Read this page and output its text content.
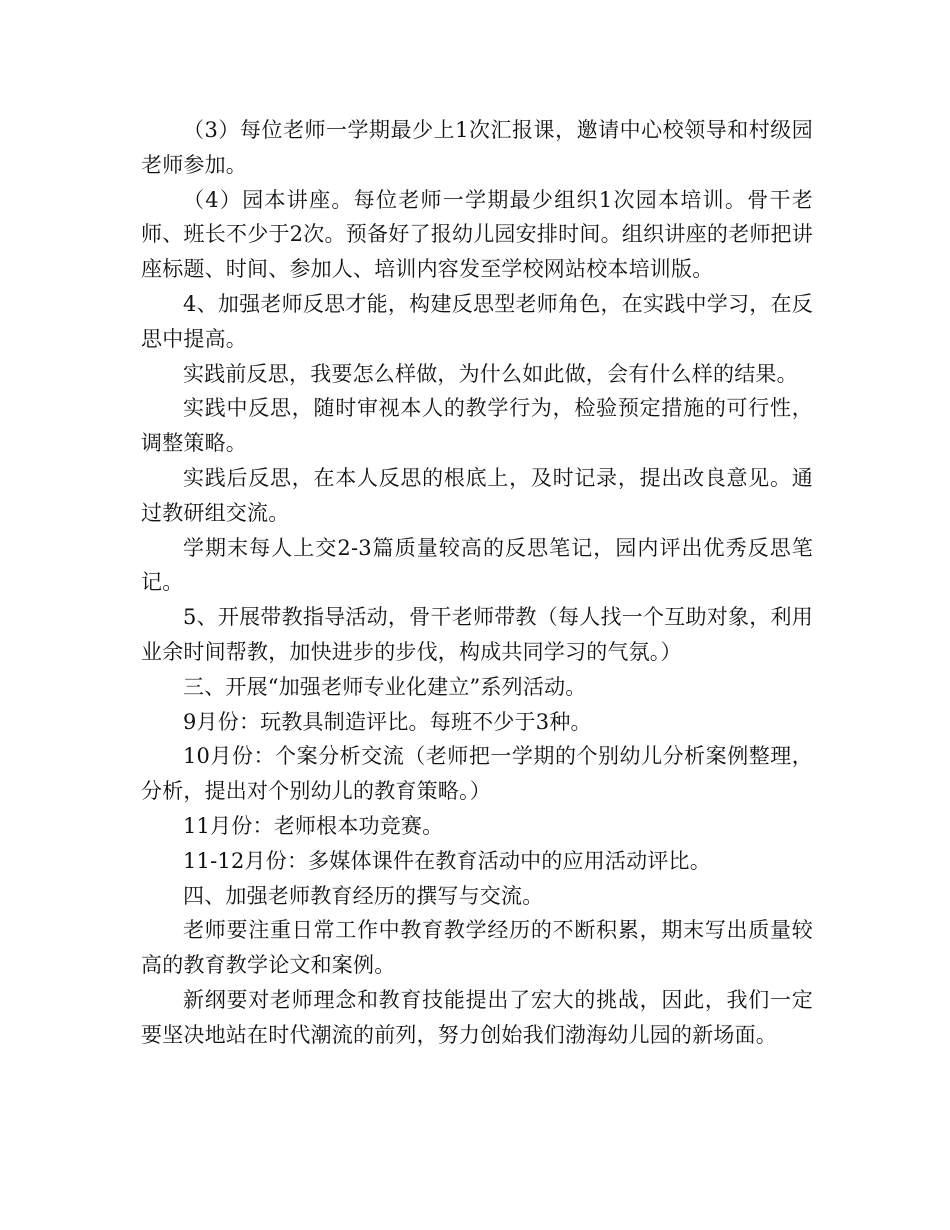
（3）每位老师一学期最少上1次汇报课，邀请中心校领导和村级园老师参加。

（4）园本讲座。每位老师一学期最少组织1次园本培训。骨干老师、班长不少于2次。预备好了报幼儿园安排时间。组织讲座的老师把讲座标题、时间、参加人、培训内容发至学校网站校本培训版。

4、加强老师反思才能，构建反思型老师角色，在实践中学习，在反思中提高。

实践前反思，我要怎么样做，为什么如此做，会有什么样的结果。

实践中反思，随时审视本人的教学行为，检验预定措施的可行性，调整策略。

实践后反思，在本人反思的根底上，及时记录，提出改良意见。通过教研组交流。

学期末每人上交2-3篇质量较高的反思笔记，园内评出优秀反思笔记。

5、开展带教指导活动，骨干老师带教（每人找一个互助对象，利用业余时间帮教，加快进步的步伐，构成共同学习的气氛。）

三、开展“加强老师专业化建立”系列活动。

9月份：玩教具制造评比。每班不少于3种。

10月份：个案分析交流（老师把一学期的个别幼儿分析案例整理，分析，提出对个别幼儿的教育策略。）

11月份：老师根本功竞赛。

11-12月份：多媒体课件在教育活动中的应用活动评比。

四、加强老师教育经历的撰写与交流。

老师要注重日常工作中教育教学经历的不断积累，期末写出质量较高的教育教学论文和案例。

新纲要对老师理念和教育技能提出了宏大的挑战，因此，我们一定要坚决地站在时代潮流的前列，努力创始我们渤海幼儿园的新场面。
